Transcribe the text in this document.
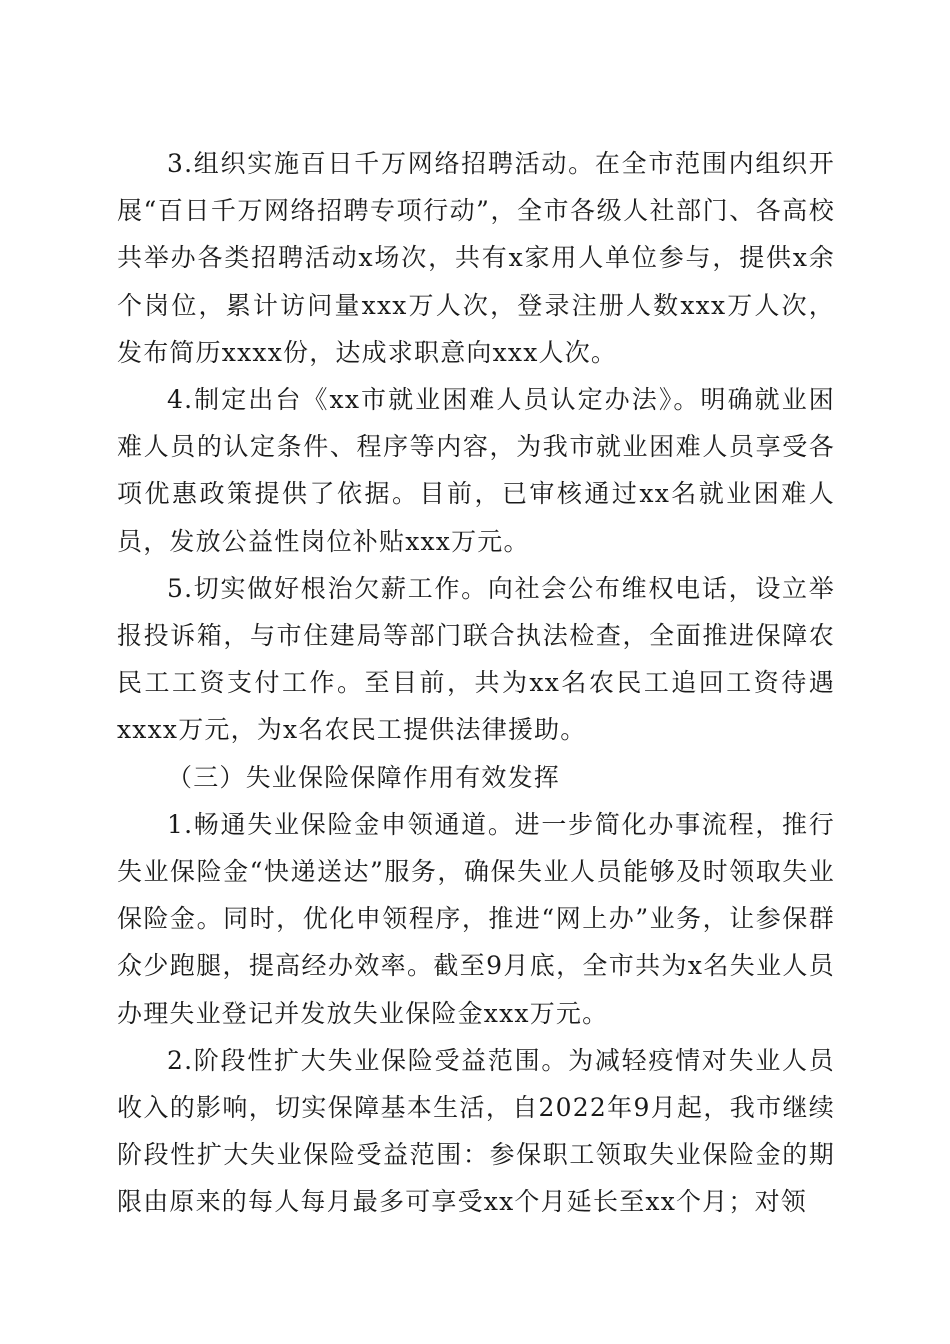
3.组织实施百日千万网络招聘活动。在全市范围内组织开展“百日千万网络招聘专项行动”，全市各级人社部门、各高校共举办各类招聘活动x场次，共有x家用人单位参与，提供x余个岗位，累计访问量xxx万人次，登录注册人数xxx万人次，发布简历xxxx份，达成求职意向xxx人次。

4.制定出台《xx市就业困难人员认定办法》。明确就业困难人员的认定条件、程序等内容，为我市就业困难人员享受各项优惠政策提供了依据。目前，已审核通过xx名就业困难人员，发放公益性岗位补贴xxx万元。

5.切实做好根治欠薪工作。向社会公布维权电话，设立举报投诉箱，与市住建局等部门联合执法检查，全面推进保障农民工工资支付工作。至目前，共为xx名农民工追回工资待遇xxxx万元，为x名农民工提供法律援助。

（三）失业保险保障作用有效发挥

1.畅通失业保险金申领通道。进一步简化办事流程，推行失业保险金“快递送达”服务，确保失业人员能够及时领取失业保险金。同时，优化申领程序，推进“网上办”业务，让参保群众少跑腿，提高经办效率。截至9月底，全市共为x名失业人员办理失业登记并发放失业保险金xxx万元。

2.阶段性扩大失业保险受益范围。为减轻疫情对失业人员收入的影响，切实保障基本生活，自2022年9月起，我市继续阶段性扩大失业保险受益范围：参保职工领取失业保险金的期限由原来的每人每月最多可享受xx个月延长至xx个月；对领
